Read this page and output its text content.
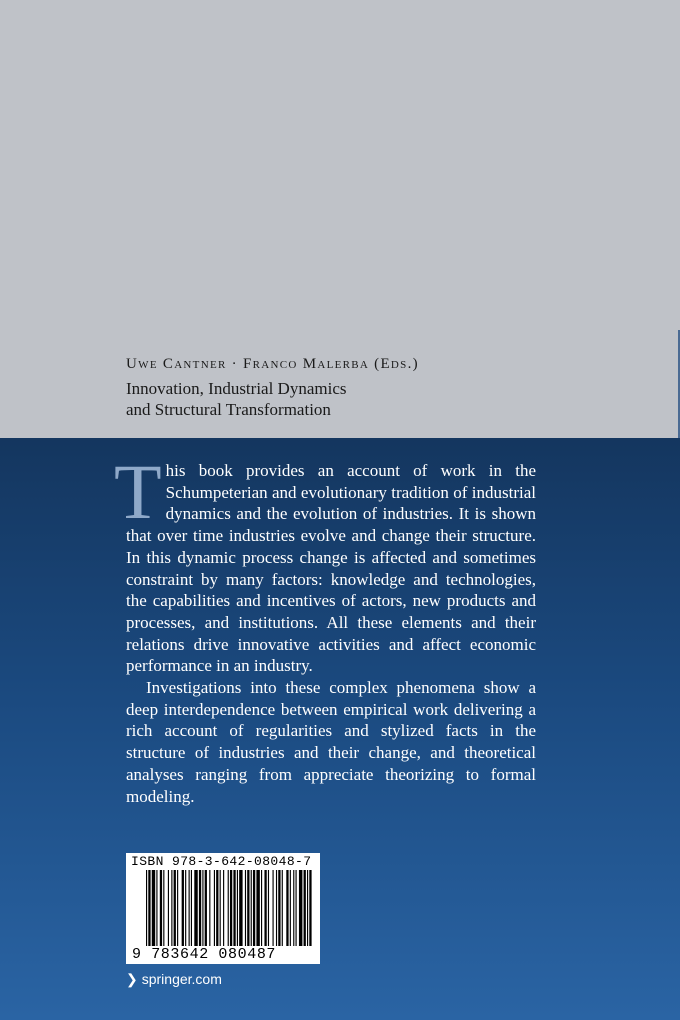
Uwe Cantner · Franco Malerba (Eds.)
Innovation, Industrial Dynamics
and Structural Transformation

This book provides an account of work in the Schumpeterian and evolutionary tradition of industrial dynamics and the evolution of industries. It is shown that over time industries evolve and change their structure. In this dynamic process change is affected and sometimes constraint by many factors: knowledge and technologies, the capabilities and incentives of actors, new products and processes, and institutions. All these elements and their relations drive innovative activities and affect economic performance in an industry.

Investigations into these complex phenomena show a deep interdependence between empirical work delivering a rich account of regularities and stylized facts in the structure of industries and their change, and theoretical analyses ranging from appreciate theorizing to formal modeling.

ISBN 978-3-642-08048-7
9 783642 080487
❯ springer.com
